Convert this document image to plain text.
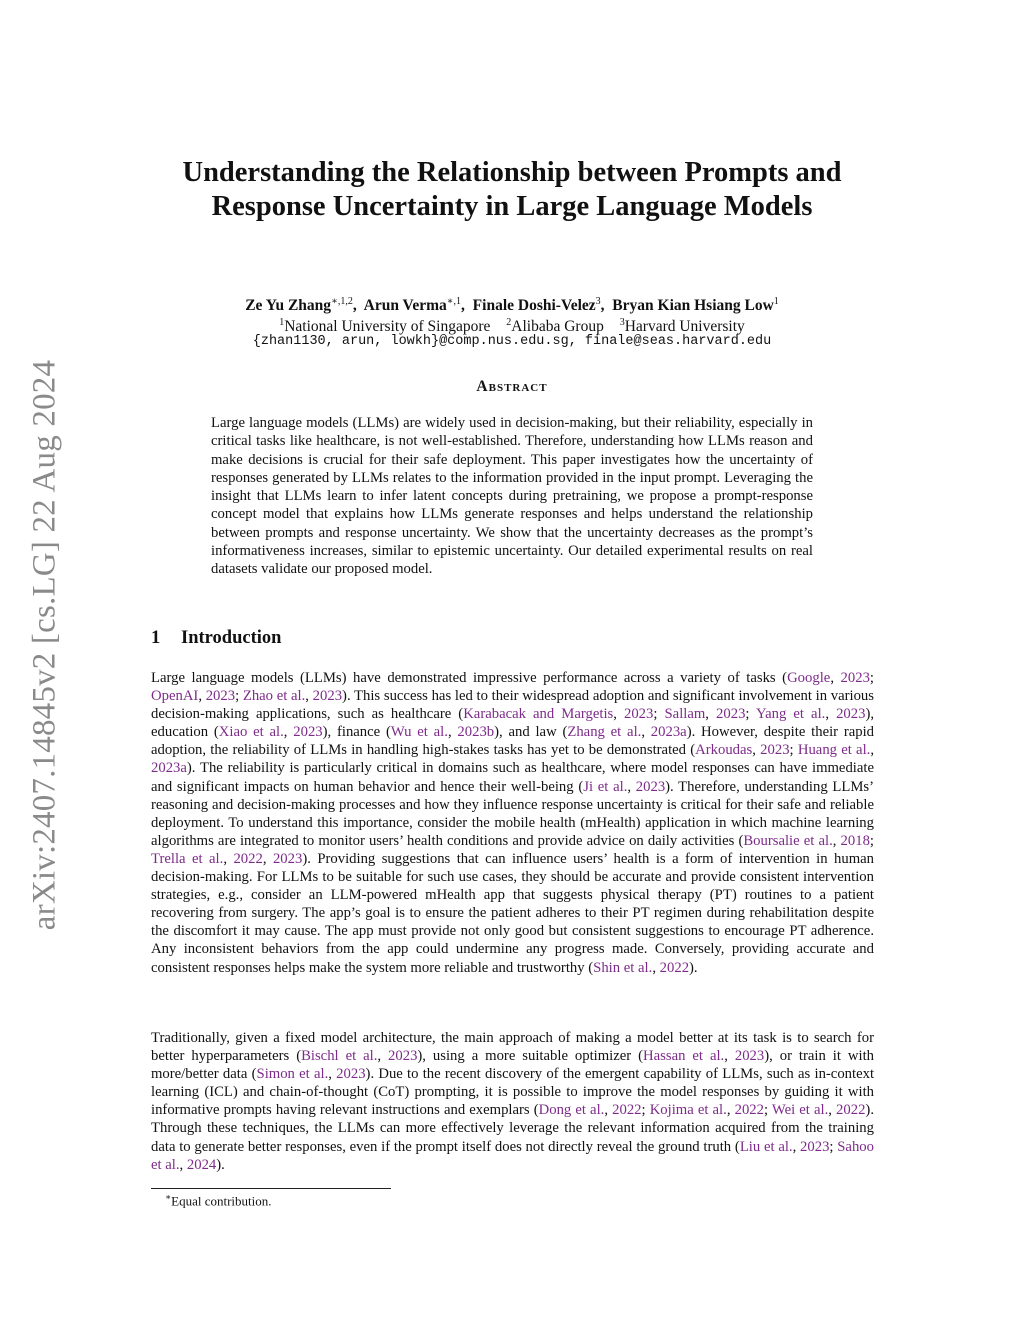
arXiv:2407.14845v2 [cs.LG] 22 Aug 2024
Understanding the Relationship between Prompts and
Response Uncertainty in Large Language Models
Ze Yu Zhang$^{∗,1,2}$,  Arun Verma$^{∗,1}$,  Finale Doshi-Velez$^3$,  Bryan Kian Hsiang Low$^1$
$^1$National University of Singapore $^2$Alibaba Group $^3$Harvard University
{zhan1130, arun, lowkh}@comp.nus.edu.sg, finale@seas.harvard.edu
Abstract

Large language models (LLMs) are widely used in decision-making, but their reliability, especially in critical tasks like healthcare, is not well-established. Therefore, understanding how LLMs reason and make decisions is crucial for their safe deployment. This paper investigates how the uncertainty of responses generated by LLMs relates to the information provided in the input prompt. Leveraging the insight that LLMs learn to infer latent concepts during pretraining, we propose a prompt-response concept model that explains how LLMs generate responses and helps understand the relationship between prompts and response uncertainty. We show that the uncertainty decreases as the prompt’s informativeness increases, similar to epistemic uncertainty. Our detailed experimental results on real datasets validate our proposed model.

1 Introduction

Large language models (LLMs) have demonstrated impressive performance across a variety of tasks (Google, 2023; OpenAI, 2023; Zhao et al., 2023). This success has led to their widespread adoption and significant involvement in various decision-making applications, such as healthcare (Karabacak and Margetis, 2023; Sallam, 2023; Yang et al., 2023), education (Xiao et al., 2023), finance (Wu et al., 2023b), and law (Zhang et al., 2023a). However, despite their rapid adoption, the reliability of LLMs in handling high-stakes tasks has yet to be demonstrated (Arkoudas, 2023; Huang et al., 2023a). The reliability is particularly critical in domains such as healthcare, where model responses can have immediate and significant impacts on human behavior and hence their well-being (Ji et al., 2023). Therefore, understanding LLMs’ reasoning and decision-making processes and how they influence response uncertainty is critical for their safe and reliable deployment. To understand this importance, consider the mobile health (mHealth) application in which machine learning algorithms are integrated to monitor users’ health conditions and provide advice on daily activities (Boursalie et al., 2018; Trella et al., 2022, 2023). Providing suggestions that can influence users’ health is a form of intervention in human decision-making. For LLMs to be suitable for such use cases, they should be accurate and provide consistent intervention strategies, e.g., consider an LLM-powered mHealth app that suggests physical therapy (PT) routines to a patient recovering from surgery. The app’s goal is to ensure the patient adheres to their PT regimen during rehabilitation despite the discomfort it may cause. The app must provide not only good but consistent suggestions to encourage PT adherence. Any inconsistent behaviors from the app could undermine any progress made. Conversely, providing accurate and consistent responses helps make the system more reliable and trustworthy (Shin et al., 2022).

Traditionally, given a fixed model architecture, the main approach of making a model better at its task is to search for better hyperparameters (Bischl et al., 2023), using a more suitable optimizer (Hassan et al., 2023), or train it with more/better data (Simon et al., 2023). Due to the recent discovery of the emergent capability of LLMs, such as in-context learning (ICL) and chain-of-thought (CoT) prompting, it is possible to improve the model responses by guiding it with informative prompts having relevant instructions and exemplars (Dong et al., 2022; Kojima et al., 2022; Wei et al., 2022). Through these techniques, the LLMs can more effectively leverage the relevant information acquired from the training data to generate better responses, even if the prompt itself does not directly reveal the ground truth (Liu et al., 2023; Sahoo et al., 2024).

∗Equal contribution.
